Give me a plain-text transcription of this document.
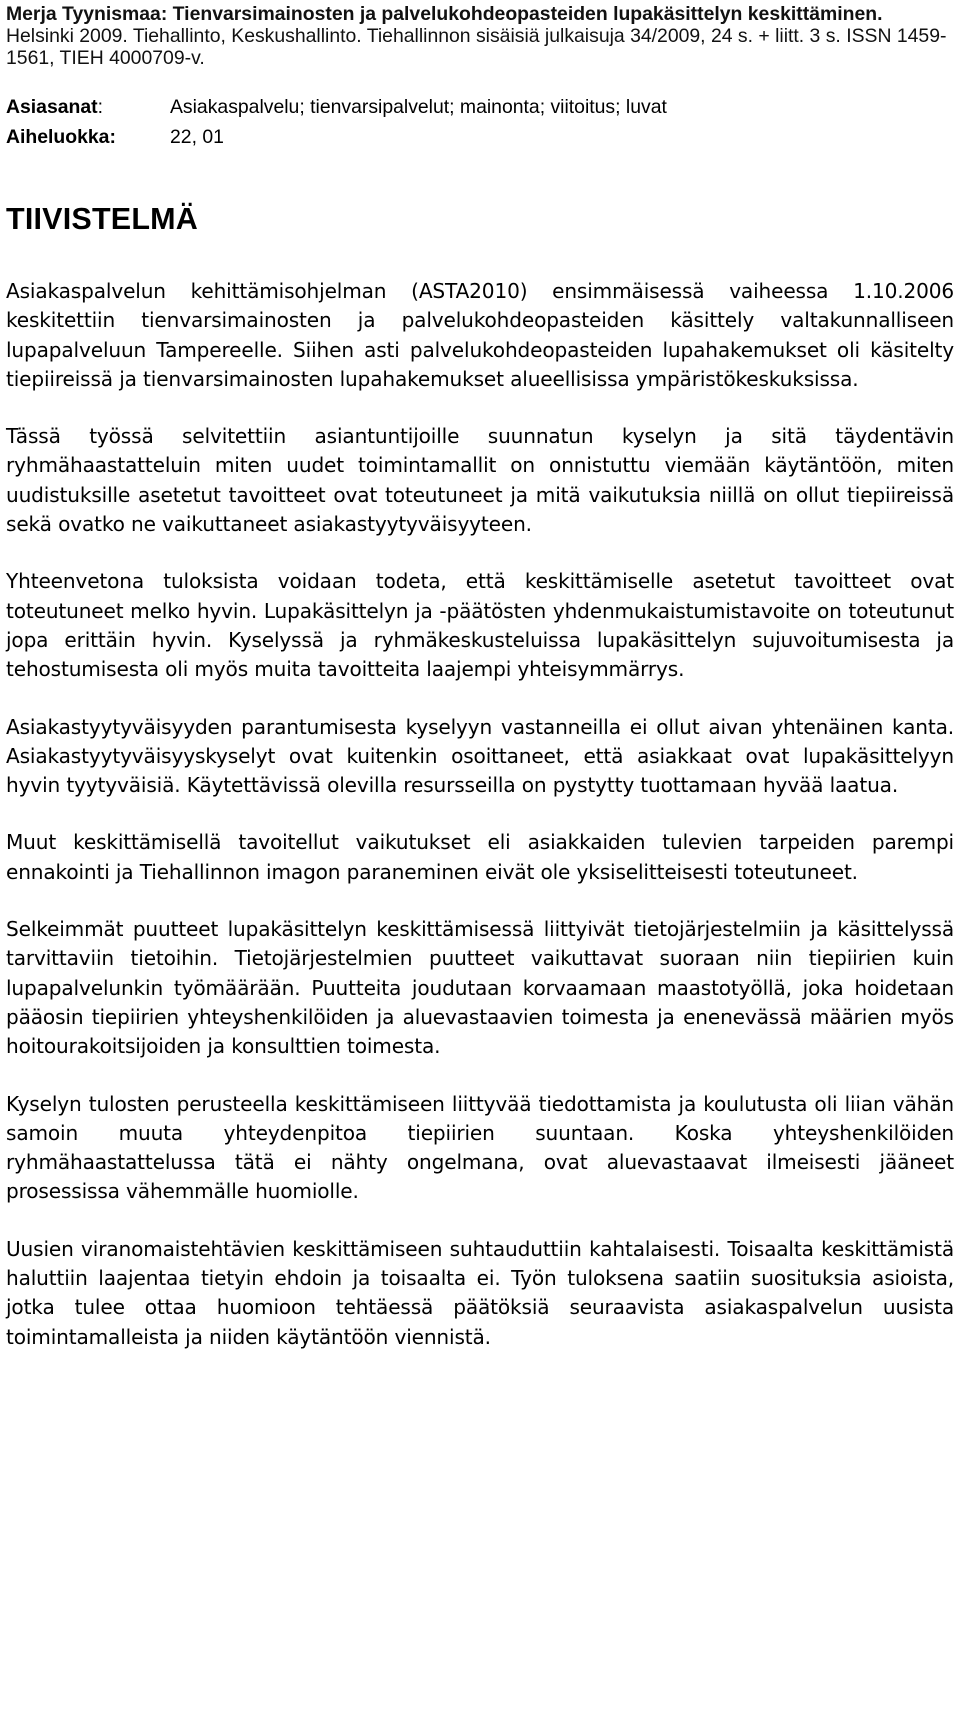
Merja Tyynismaa: Tienvarsimainosten ja palvelukohdeopasteiden lupakäsittelyn keskittäminen. Helsinki 2009. Tiehallinto, Keskushallinto. Tiehallinnon sisäisiä julkaisuja 34/2009, 24 s. + liitt. 3 s. ISSN 1459-1561, TIEH 4000709-v.

Asiasanat:	Asiakaspalvelu; tienvarsipalvelut; mainonta; viitoitus; luvat
Aiheluokka:	22, 01
TIIVISTELMÄ

Asiakaspalvelun kehittämisohjelman (ASTA2010) ensimmäisessä vaiheessa 1.10.2006 keskitettiin tienvarsimainosten ja palvelukohdeopasteiden käsittely valtakunnalliseen lupapalveluun Tampereelle. Siihen asti palvelukohdeopasteiden lupahakemukset oli käsitelty tiepiireissä ja tienvarsimainosten lupahakemukset alueellisissa ympäristökeskuksissa.

Tässä työssä selvitettiin asiantuntijoille suunnatun kyselyn ja sitä täydentävin ryhmähaastatteluin miten uudet toimintamallit on onnistuttu viemään käytäntöön, miten uudistuksille asetetut tavoitteet ovat toteutuneet ja mitä vaikutuksia niillä on ollut tiepiireissä sekä ovatko ne vaikuttaneet asiakastyytyväisyyteen.

Yhteenvetona tuloksista voidaan todeta, että keskittämiselle asetetut tavoitteet ovat toteutuneet melko hyvin. Lupakäsittelyn ja -päätösten yhdenmukaistumistavoite on toteutunut jopa erittäin hyvin. Kyselyssä ja ryhmäkeskusteluissa lupakäsittelyn sujuvoitumisesta ja tehostumisesta oli myös muita tavoitteita laajempi yhteisymmärrys.

Asiakastyytyväisyyden parantumisesta kyselyyn vastanneilla ei ollut aivan yhtenäinen kanta. Asiakastyytyväisyyskyselyt ovat kuitenkin osoittaneet, että asiakkaat ovat lupakäsittelyyn hyvin tyytyväisiä. Käytettävissä olevilla resursseilla on pystytty tuottamaan hyvää laatua.

Muut keskittämisellä tavoitellut vaikutukset eli asiakkaiden tulevien tarpeiden parempi ennakointi ja Tiehallinnon imagon paraneminen eivät ole yksiselitteisesti toteutuneet.

Selkeimmät puutteet lupakäsittelyn keskittämisessä liittyivät tietojärjestelmiin ja käsittelyssä tarvittaviin tietoihin. Tietojärjestelmien puutteet vaikuttavat suoraan niin tiepiirien kuin lupapalvelunkin työmäärään. Puutteita joudutaan korvaamaan maastotyöllä, joka hoidetaan pääosin tiepiirien yhteyshenkilöiden ja aluevastaavien toimesta ja enenevässä määrien myös hoitourakoitsijoiden ja konsulttien toimesta.

Kyselyn tulosten perusteella keskittämiseen liittyvää tiedottamista ja koulutusta oli liian vähän samoin muuta yhteydenpitoa tiepiirien suuntaan. Koska yhteyshenkilöiden ryhmähaastattelussa tätä ei nähty ongelmana, ovat aluevastaavat ilmeisesti jääneet prosessissa vähemmälle huomiolle.

Uusien viranomaistehtävien keskittämiseen suhtauduttiin kahtalaisesti. Toisaalta keskittämistä haluttiin laajentaa tietyin ehdoin ja toisaalta ei. Työn tuloksena saatiin suosituksia asioista, jotka tulee ottaa huomioon tehtäessä päätöksiä seuraavista asiakaspalvelun uusista toimintamalleista ja niiden käytäntöön viennistä.
